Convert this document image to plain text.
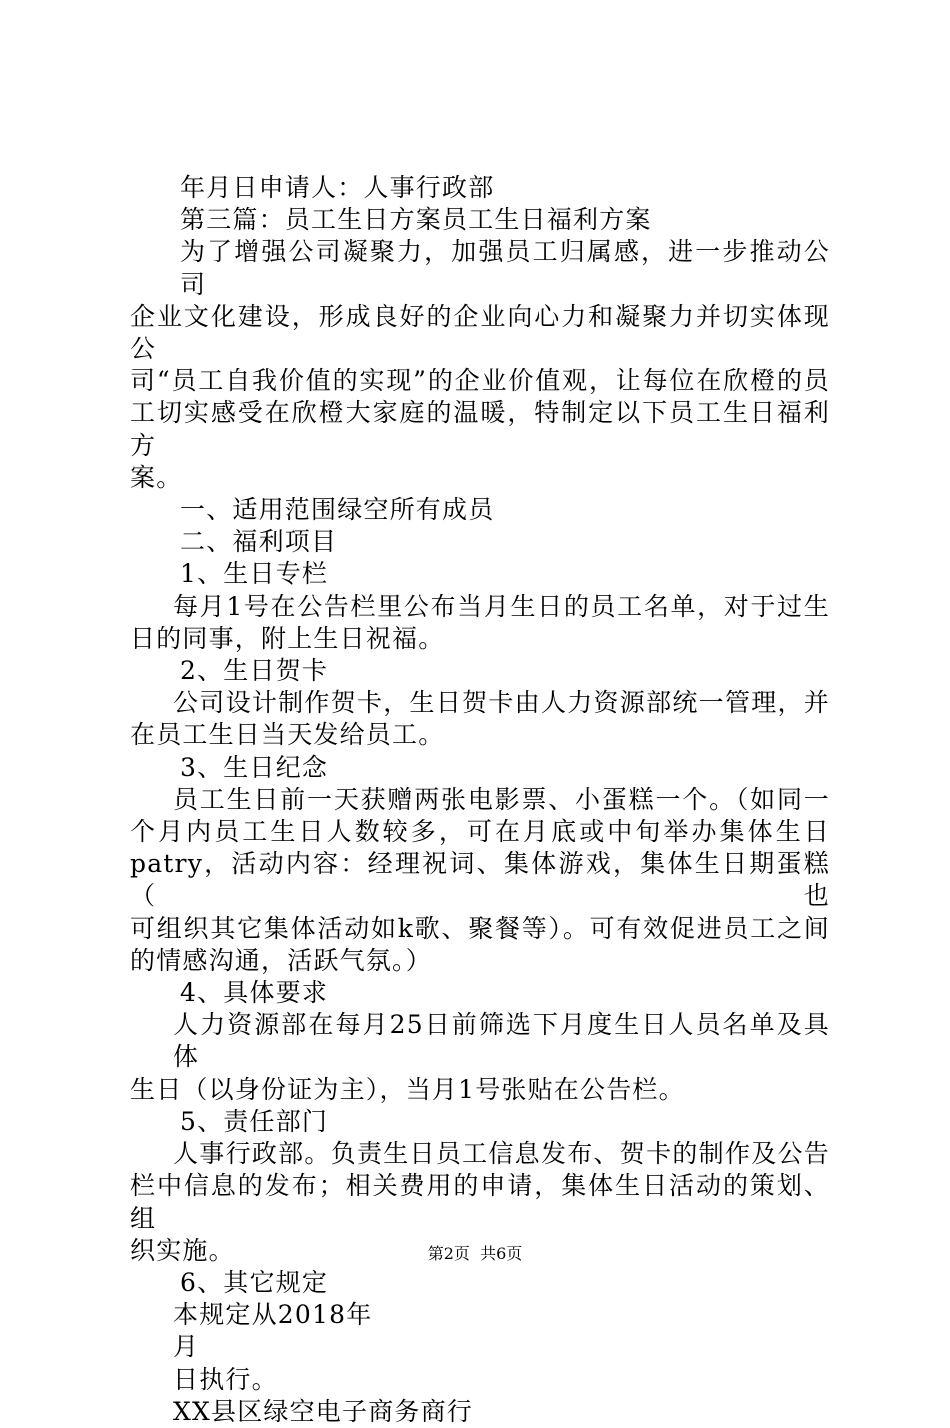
年月日申请人：人事行政部

第三篇：员工生日方案员工生日福利方案

为了增强公司凝聚力，加强员工归属感，进一步推动公司

企业文化建设，形成良好的企业向心力和凝聚力并切实体现公

司“员工自我价值的实现”的企业价值观，让每位在欣橙的员

工切实感受在欣橙大家庭的温暖，特制定以下员工生日福利方

案。

一、适用范围绿空所有成员

二、福利项目

1、生日专栏

每月1号在公告栏里公布当月生日的员工名单，对于过生

日的同事，附上生日祝福。

2、生日贺卡

公司设计制作贺卡，生日贺卡由人力资源部统一管理，并

在员工生日当天发给员工。

3、生日纪念

员工生日前一天获赠两张电影票、小蛋糕一个。（如同一

个月内员工生日人数较多，可在月底或中旬举办集体生日

patry，活动内容：经理祝词、集体游戏，集体生日期蛋糕（也

可组织其它集体活动如k歌、聚餐等）。可有效促进员工之间

的情感沟通，活跃气氛。）

4、具体要求

人力资源部在每月25日前筛选下月度生日人员名单及具体

生日（以身份证为主），当月1号张贴在公告栏。

5、责任部门

人事行政部。负责生日员工信息发布、贺卡的制作及公告

栏中信息的发布；相关费用的申请，集体生日活动的策划、组

织实施。

6、其它规定

本规定从2018年

月

日执行。

XX县区绿空电子商务商行

第2页 共6页
